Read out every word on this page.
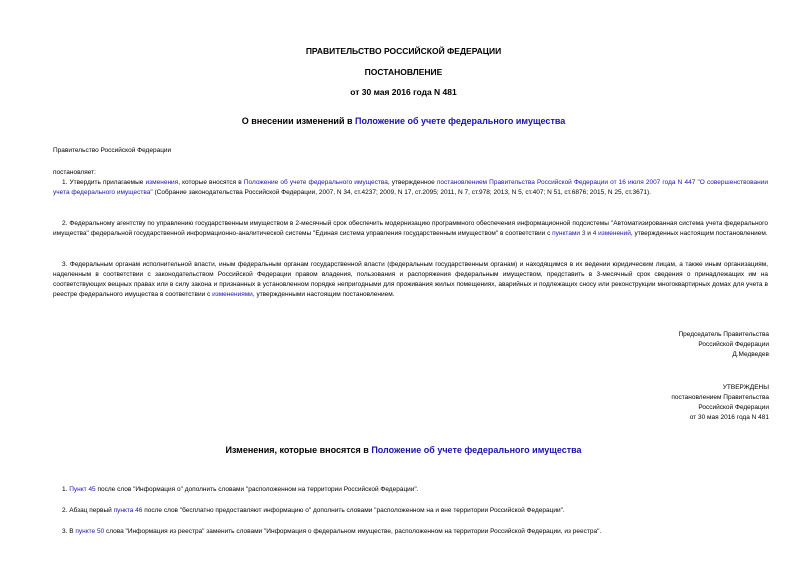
ПРАВИТЕЛЬСТВО РОССИЙСКОЙ ФЕДЕРАЦИИ
ПОСТАНОВЛЕНИЕ
от 30 мая 2016 года N 481
О внесении изменений в Положение об учете федерального имущества
Правительство Российской Федерации
постановляет:
1. Утвердить прилагаемые изменения, которые вносятся в Положение об учете федерального имущества, утвержденное постановлением Правительства Российской Федерации от 16 июля 2007 года N 447 "О совершенствовании учета федерального имущества" (Собрание законодательства Российской Федерации, 2007, N 34, ст.4237; 2009, N 17, ст.2095; 2011, N 7, ст.978; 2013, N 5, ст.407; N 51, ст.6876; 2015, N 25, ст.3671).
2. Федеральному агентству по управлению государственным имуществом в 2-месячный срок обеспечить модернизацию программного обеспечения информационной подсистемы "Автоматизированная система учета федерального имущества" федеральной государственной информационно-аналитической системы "Единая система управления государственным имуществом" в соответствии с пунктами 3 и 4 изменений, утвержденных настоящим постановлением.
3. Федеральным органам исполнительной власти, иным федеральным органам государственной власти (федеральным государственным органам) и находящимся в их ведении юридическим лицам, а также иным организациям, наделенным в соответствии с законодательством Российской Федерации правом владения, пользования и распоряжения федеральным имуществом, представить в 3-месячный срок сведения о принадлежащих им на соответствующих вещных правах или в силу закона и признанных в установленном порядке непригодными для проживания жилых помещениях, аварийных и подлежащих сносу или реконструкции многоквартирных домах для учета в реестре федерального имущества в соответствии с изменениями, утвержденными настоящим постановлением.
Председатель Правительства
Российской Федерации
Д.Медведев
УТВЕРЖДЕНЫ
постановлением Правительства
Российской Федерации
от 30 мая 2016 года N 481
Изменения, которые вносятся в Положение об учете федерального имущества
1. Пункт 45 после слов "Информация о" дополнить словами "расположенном на территории Российской Федерации".
2. Абзац первый пункта 46 после слов "бесплатно предоставляют информацию о" дополнить словами "расположенном на и вне территории Российской Федерации".
3. В пункте 50 слова "Информация из реестра" заменить словами "Информация о федеральном имуществе, расположенном на территории Российской Федерации, из реестра".
